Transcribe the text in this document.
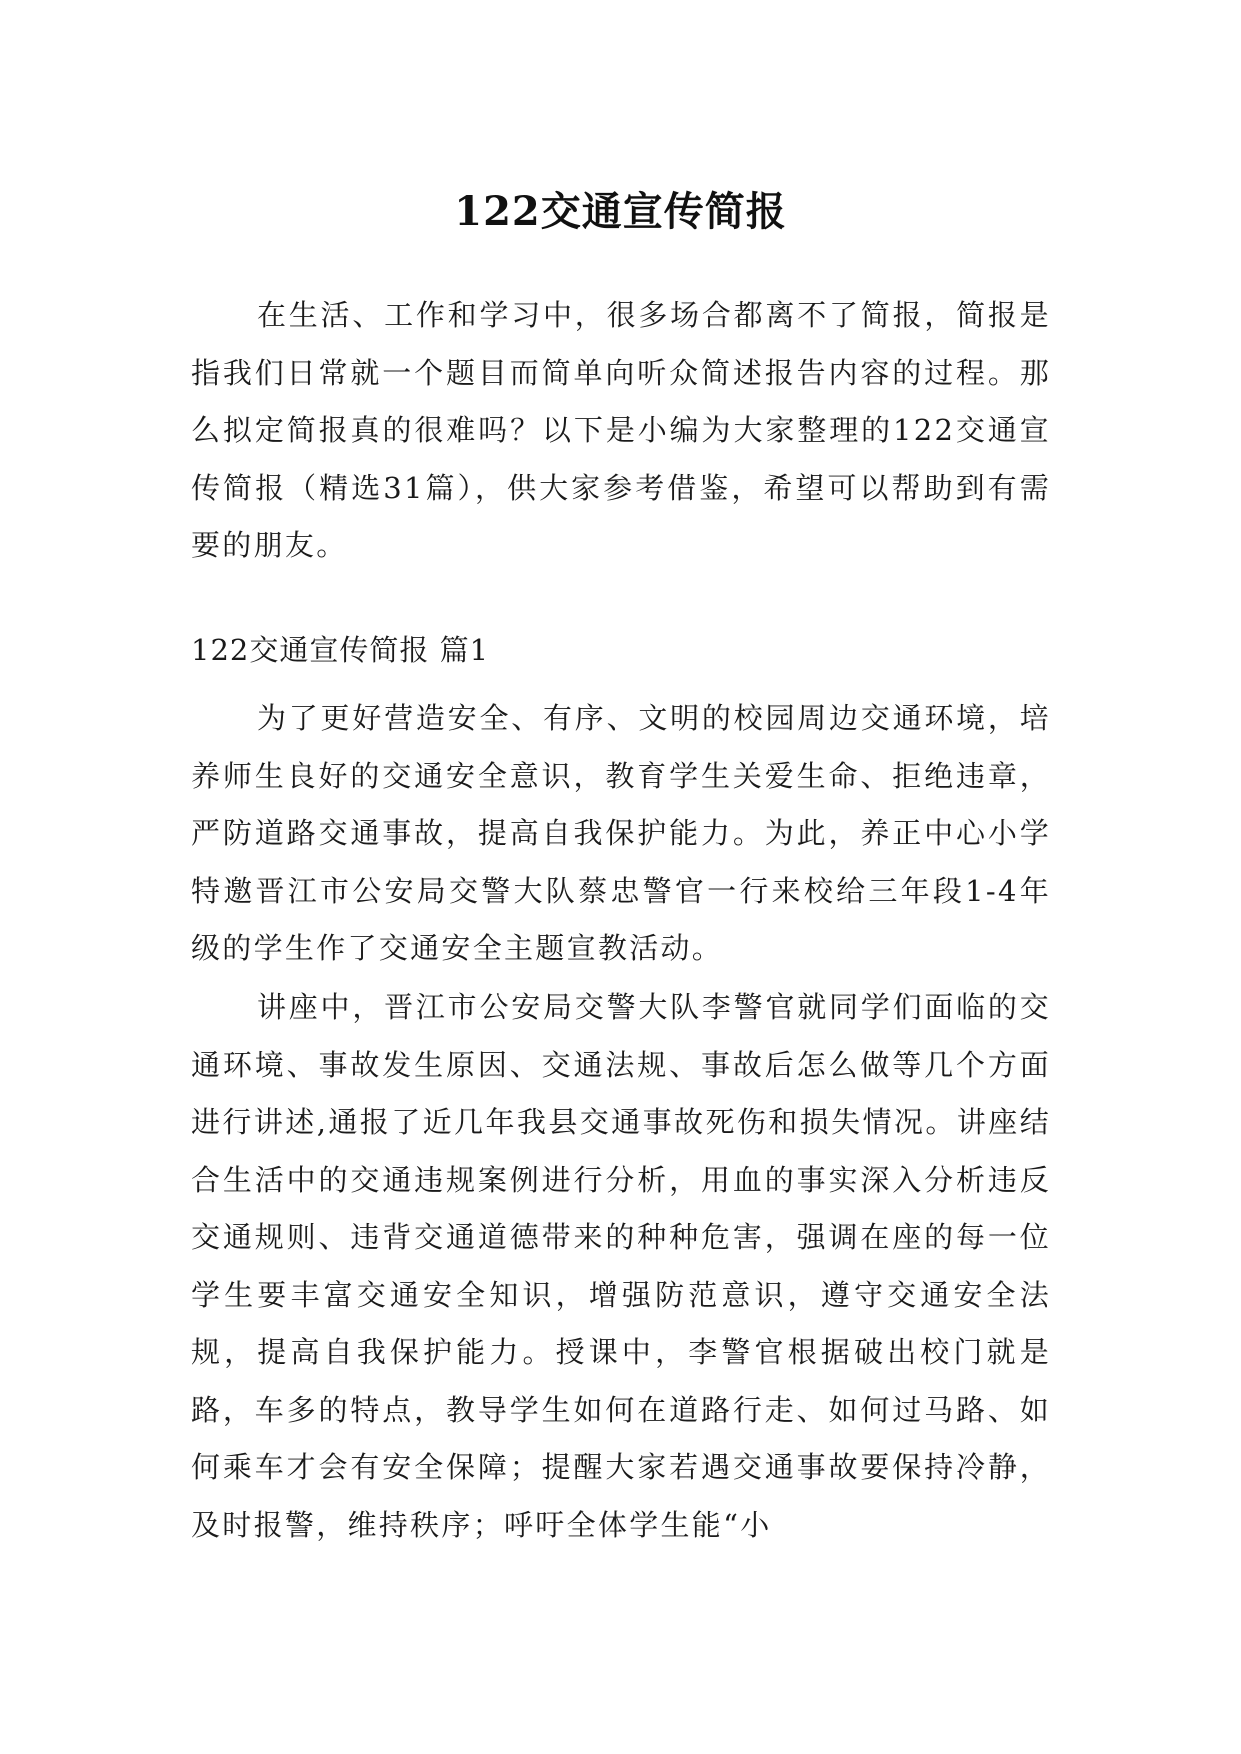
122交通宣传简报

在生活、工作和学习中，很多场合都离不了简报，简报是指我们日常就一个题目而简单向听众简述报告内容的过程。那么拟定简报真的很难吗？以下是小编为大家整理的122交通宣传简报（精选31篇），供大家参考借鉴，希望可以帮助到有需要的朋友。

122交通宣传简报 篇1

为了更好营造安全、有序、文明的校园周边交通环境，培养师生良好的交通安全意识，教育学生关爱生命、拒绝违章，严防道路交通事故，提高自我保护能力。为此，养正中心小学特邀晋江市公安局交警大队蔡忠警官一行来校给三年段1-4年级的学生作了交通安全主题宣教活动。

讲座中，晋江市公安局交警大队李警官就同学们面临的交通环境、事故发生原因、交通法规、事故后怎么做等几个方面进行讲述,通报了近几年我县交通事故死伤和损失情况。讲座结合生活中的交通违规案例进行分析，用血的事实深入分析违反交通规则、违背交通道德带来的种种危害，强调在座的每一位学生要丰富交通安全知识，增强防范意识，遵守交通安全法规，提高自我保护能力。授课中，李警官根据破出校门就是路，车多的特点，教导学生如何在道路行走、如何过马路、如何乘车才会有安全保障；提醒大家若遇交通事故要保持冷静，及时报警，维持秩序；呼吁全体学生能“小
